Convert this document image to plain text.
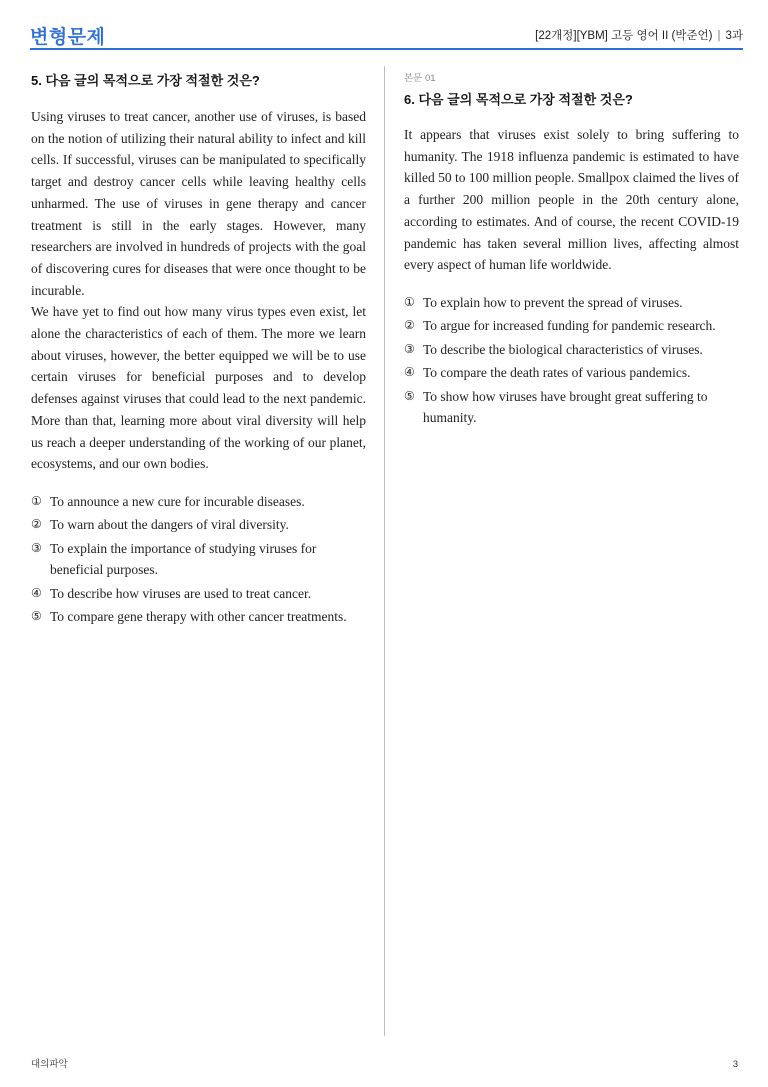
변형문제	[22개정][YBM] 고등 영어 II (박준언) | 3과
5. 다음 글의 목적으로 가장 적절한 것은?

Using viruses to treat cancer, another use of viruses, is based on the notion of utilizing their natural ability to infect and kill cells. If successful, viruses can be manipulated to specifically target and destroy cancer cells while leaving healthy cells unharmed. The use of viruses in gene therapy and cancer treatment is still in the early stages. However, many researchers are involved in hundreds of projects with the goal of discovering cures for diseases that were once thought to be incurable.

We have yet to find out how many virus types even exist, let alone the characteristics of each of them. The more we learn about viruses, however, the better equipped we will be to use certain viruses for beneficial purposes and to develop defenses against viruses that could lead to the next pandemic. More than that, learning more about viral diversity will help us reach a deeper understanding of the working of our planet, ecosystems, and our own bodies.

① To announce a new cure for incurable diseases.
② To warn about the dangers of viral diversity.
③ To explain the importance of studying viruses for beneficial purposes.
④ To describe how viruses are used to treat cancer.
⑤ To compare gene therapy with other cancer treatments.
본문 01
6. 다음 글의 목적으로 가장 적절한 것은?

It appears that viruses exist solely to bring suffering to humanity. The 1918 influenza pandemic is estimated to have killed 50 to 100 million people. Smallpox claimed the lives of a further 200 million people in the 20th century alone, according to estimates. And of course, the recent COVID-19 pandemic has taken several million lives, affecting almost every aspect of human life worldwide.

① To explain how to prevent the spread of viruses.
② To argue for increased funding for pandemic research.
③ To describe the biological characteristics of viruses.
④ To compare the death rates of various pandemics.
⑤ To show how viruses have brought great suffering to humanity.
대의파악	3
